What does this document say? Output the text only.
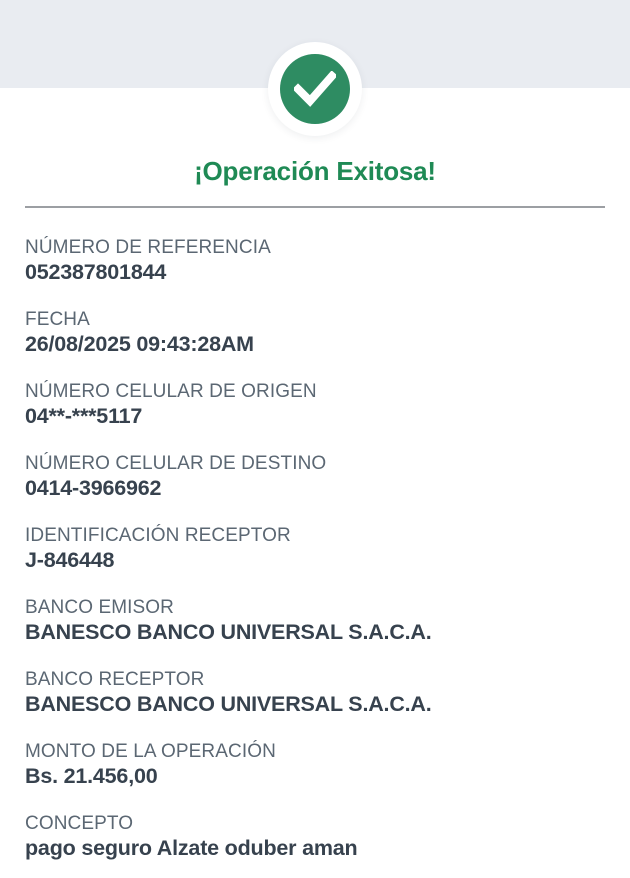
¡Operación Exitosa!
NÚMERO DE REFERENCIA
052387801844
FECHA
26/08/2025 09:43:28AM
NÚMERO CELULAR DE ORIGEN
04**-***5117
NÚMERO CELULAR DE DESTINO
0414-3966962
IDENTIFICACIÓN RECEPTOR
J-846448
BANCO EMISOR
BANESCO BANCO UNIVERSAL S.A.C.A.
BANCO RECEPTOR
BANESCO BANCO UNIVERSAL S.A.C.A.
MONTO DE LA OPERACIÓN
Bs. 21.456,00
CONCEPTO
pago seguro Alzate oduber aman
